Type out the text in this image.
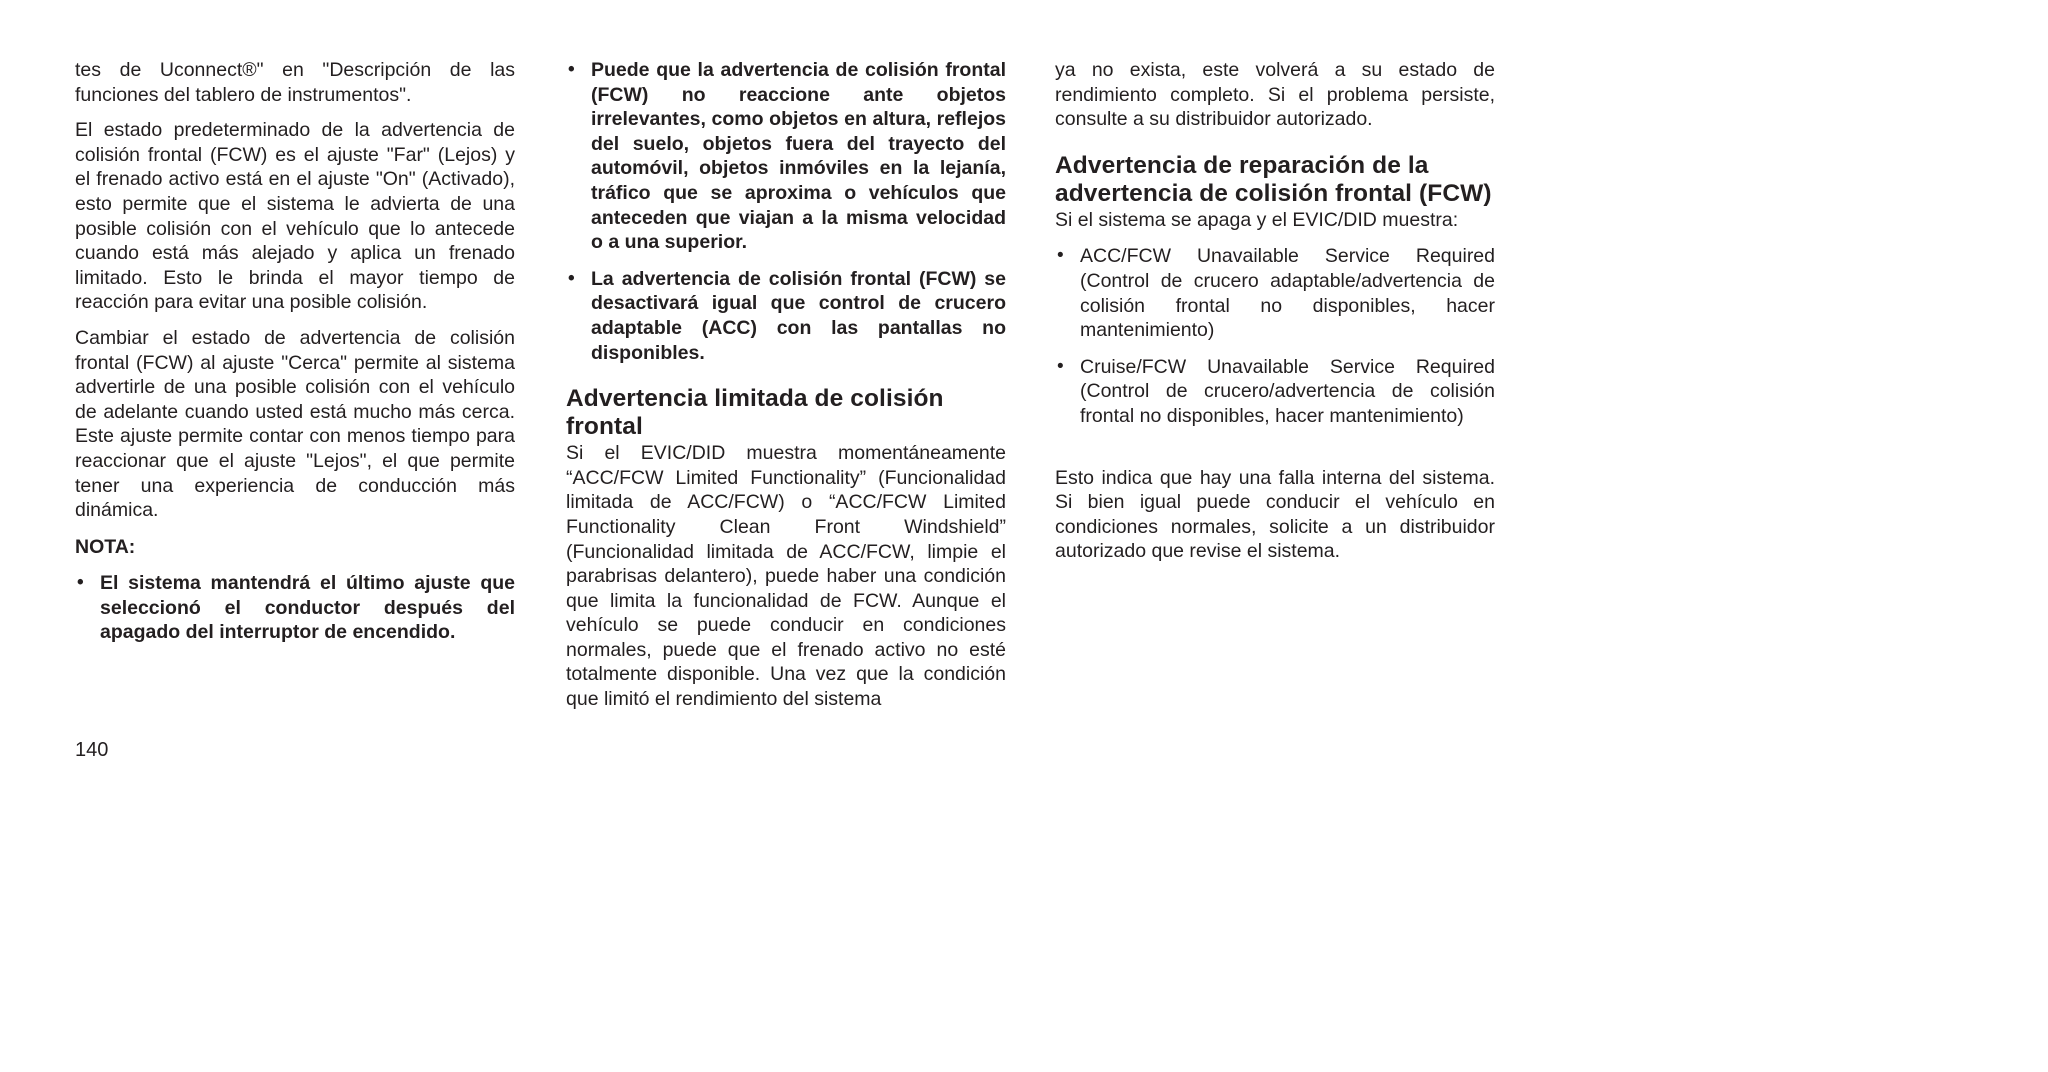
tes de Uconnect®" en "Descripción de las funciones del tablero de instrumentos".

El estado predeterminado de la advertencia de colisión frontal (FCW) es el ajuste "Far" (Lejos) y el frenado activo está en el ajuste "On" (Activado), esto permite que el sistema le advierta de una posible colisión con el vehículo que lo antecede cuando está más alejado y aplica un frenado limitado. Esto le brinda el mayor tiempo de reacción para evitar una posible colisión.

Cambiar el estado de advertencia de colisión frontal (FCW) al ajuste "Cerca" permite al sistema advertirle de una posible colisión con el vehículo de adelante cuando usted está mucho más cerca. Este ajuste permite contar con menos tiempo para reaccionar que el ajuste "Lejos", el que permite tener una experiencia de conducción más dinámica.

NOTA:

• El sistema mantendrá el último ajuste que seleccionó el conductor después del apagado del interruptor de encendido.
• Puede que la advertencia de colisión frontal (FCW) no reaccione ante objetos irrelevantes, como objetos en altura, reflejos del suelo, objetos fuera del trayecto del automóvil, objetos inmóviles en la lejanía, tráfico que se aproxima o vehículos que anteceden que viajan a la misma velocidad o a una superior.
• La advertencia de colisión frontal (FCW) se desactivará igual que control de crucero adaptable (ACC) con las pantallas no disponibles.
Advertencia limitada de colisión frontal

Si el EVIC/DID muestra momentáneamente “ACC/FCW Limited Functionality” (Funcionalidad limitada de ACC/FCW) o “ACC/FCW Limited Functionality Clean Front Windshield” (Funcionalidad limitada de ACC/FCW, limpie el parabrisas delantero), puede haber una condición que limita la funcionalidad de FCW. Aunque el vehículo se puede conducir en condiciones normales, puede que el frenado activo no esté totalmente disponible. Una vez que la condición que limitó el rendimiento del sistema

ya no exista, este volverá a su estado de rendimiento completo. Si el problema persiste, consulte a su distribuidor autorizado.

Advertencia de reparación de la advertencia de colisión frontal (FCW)

Si el sistema se apaga y el EVIC/DID muestra:

• ACC/FCW Unavailable Service Required (Control de crucero adaptable/advertencia de colisión frontal no disponibles, hacer mantenimiento)
• Cruise/FCW Unavailable Service Required (Control de crucero/advertencia de colisión frontal no disponibles, hacer mantenimiento)

Esto indica que hay una falla interna del sistema. Si bien igual puede conducir el vehículo en condiciones normales, solicite a un distribuidor autorizado que revise el sistema.

140
